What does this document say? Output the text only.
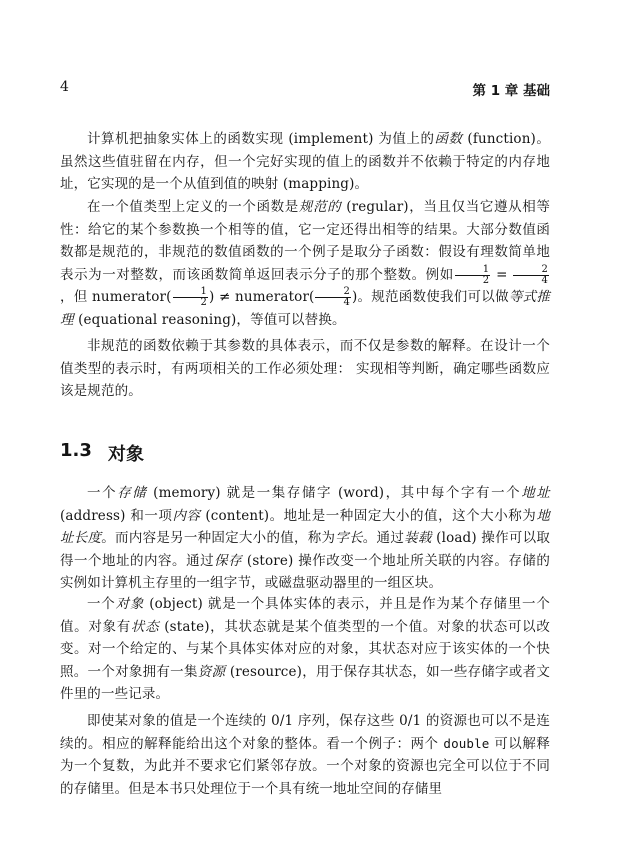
4	第 1 章 基础

计算机把抽象实体上的函数实现 (implement) 为值上的函数 (function)。虽然这些值驻留在内存，但一个完好实现的值上的函数并不依赖于特定的内存地址，它实现的是一个从值到值的映射 (mapping)。

在一个值类型上定义的一个函数是规范的 (regular)，当且仅当它遵从相等性：给它的某个参数换一个相等的值，它一定还得出相等的结果。大部分数值函数都是规范的，非规范的数值函数的一个例子是取分子函数：假设有理数简单地表示为一对整数，而该函数简单返回表示分子的那个整数。例如 $\frac{1}{2} = \frac{2}{4}$
，但 numerator( $\frac{1}{2}$ ) ≠ numerator( $\frac{2}{4}$ )。规范函数使我们可以做等式推理 (equational reasoning)，等值可以替换。

非规范的函数依赖于其参数的具体表示，而不仅是参数的解释。在设计一个值类型的表示时，有两项相关的工作必须处理： 实现相等判断，确定哪些函数应该是规范的。

1.3 对象

一个存储 (memory) 就是一集存储字 (word)，其中每个字有一个地址 (address) 和一项内容 (content)。地址是一种固定大小的值，这个大小称为地址长度。而内容是另一种固定大小的值，称为字长。通过装载 (load) 操作可以取得一个地址的内容。通过保存 (store) 操作改变一个地址所关联的内容。存储的实例如计算机主存里的一组字节，或磁盘驱动器里的一组区块。

一个对象 (object) 就是一个具体实体的表示，并且是作为某个存储里一个值。对象有状态 (state)，其状态就是某个值类型的一个值。对象的状态可以改变。对一个给定的、与某个具体实体对应的对象，其状态对应于该实体的一个快照。一个对象拥有一集资源 (resource)，用于保存其状态，如一些存储字或者文件里的一些记录。

即使某对象的值是一个连续的 0/1 序列，保存这些 0/1 的资源也可以不是连续的。相应的解释能给出这个对象的整体。看一个例子：两个 double 可以解释为一个复数，为此并不要求它们紧邻存放。一个对象的资源也完全可以位于不同的存储里。但是本书只处理位于一个具有统一地址空间的存储里
